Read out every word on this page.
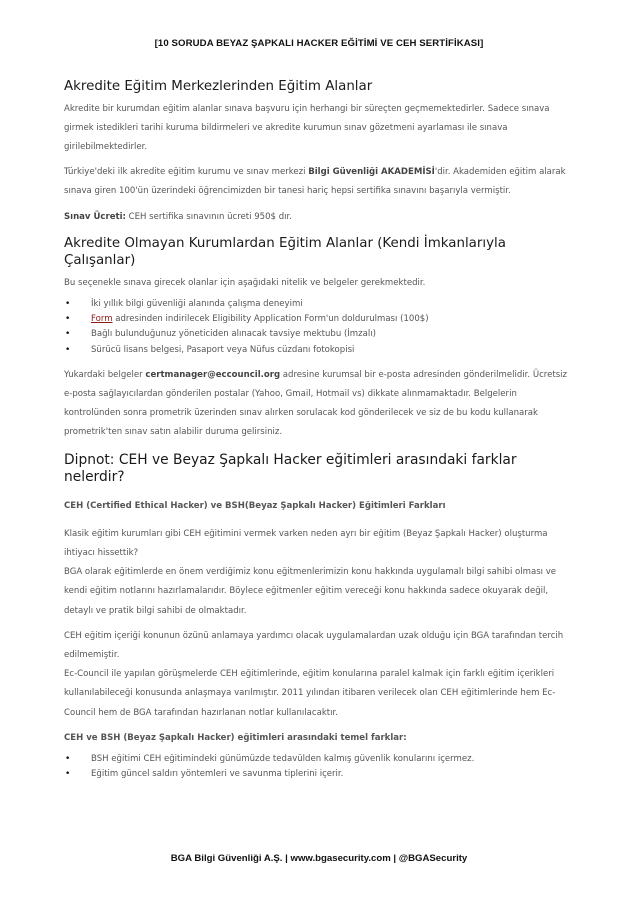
[10 SORUDA BEYAZ ŞAPKALI HACKER EĞİTİMİ VE CEH SERTİFİKASI]
Akredite Eğitim Merkezlerinden Eğitim Alanlar

Akredite bir kurumdan eğitim alanlar sınava başvuru için herhangi bir süreçten geçmemektedirler. Sadece sınava girmek istedikleri tarihi kuruma bildirmeleri ve akredite kurumun sınav gözetmeni ayarlaması ile sınava girilebilmektedirler.

Türkiye'deki ilk akredite eğitim kurumu ve sınav merkezi Bilgi Güvenliği AKADEMİSİ'dir. Akademiden eğitim alarak sınava giren 100'ün üzerindeki öğrencimizden bir tanesi hariç hepsi sertifika sınavını başarıyla vermiştir.

Sınav Ücreti: CEH sertifika sınavının ücreti 950$ dır.

Akredite Olmayan Kurumlardan Eğitim Alanlar (Kendi İmkanlarıyla Çalışanlar)

Bu seçenekle sınava girecek olanlar için aşağıdaki nitelik ve belgeler gerekmektedir.

• İki yıllık bilgi güvenliği alanında çalışma deneyimi
• Form adresinden indirilecek Eligibility Application Form'un doldurulması (100$)
• Bağlı bulunduğunuz yöneticiden alınacak tavsiye mektubu (İmzalı)
• Sürücü lisans belgesi, Pasaport veya Nüfus cüzdanı fotokopisi

Yukardaki belgeler certmanager@eccouncil.org adresine kurumsal bir e-posta adresinden gönderilmelidir. Ücretsiz e-posta sağlayıcılardan gönderilen postalar (Yahoo, Gmail, Hotmail vs) dikkate alınmamaktadır. Belgelerin kontrolünden sonra prometrik üzerinden sınav alırken sorulacak kod gönderilecek ve siz de bu kodu kullanarak prometrik'ten sınav satın alabilir duruma gelirsiniz.

Dipnot: CEH ve Beyaz Şapkalı Hacker eğitimleri arasındaki farklar nelerdir?

CEH (Certified Ethical Hacker) ve BSH(Beyaz Şapkalı Hacker) Eğitimleri Farkları

Klasik eğitim kurumları gibi CEH eğitimini vermek varken neden ayrı bir eğitim (Beyaz Şapkalı Hacker) oluşturma ihtiyacı hissettik?
BGA olarak eğitimlerde en önem verdiğimiz konu eğitmenlerimizin konu hakkında uygulamalı bilgi sahibi olması ve kendi eğitim notlarını hazırlamalarıdır. Böylece eğitmenler eğitim vereceği konu hakkında sadece okuyarak değil, detaylı ve pratik bilgi sahibi de olmaktadır.

CEH eğitim içeriği konunun özünü anlamaya yardımcı olacak uygulamalardan uzak olduğu için BGA tarafından tercih edilmemiştir.
Ec-Council ile yapılan görüşmelerde CEH eğitimlerinde, eğitim konularına paralel kalmak için farklı eğitim içerikleri kullanılabileceği konusunda anlaşmaya varılmıştır. 2011 yılından itibaren verilecek olan CEH eğitimlerinde hem Ec-Council hem de BGA tarafından hazırlanan notlar kullanılacaktır.

CEH ve BSH (Beyaz Şapkalı Hacker) eğitimleri arasındaki temel farklar:

• BSH eğitimi CEH eğitimindeki günümüzde tedavülden kalmış güvenlik konularını içermez.
• Eğitim güncel saldırı yöntemleri ve savunma tiplerini içerir.
BGA Bilgi Güvenliği A.Ş. | www.bgasecurity.com | @BGASecurity
